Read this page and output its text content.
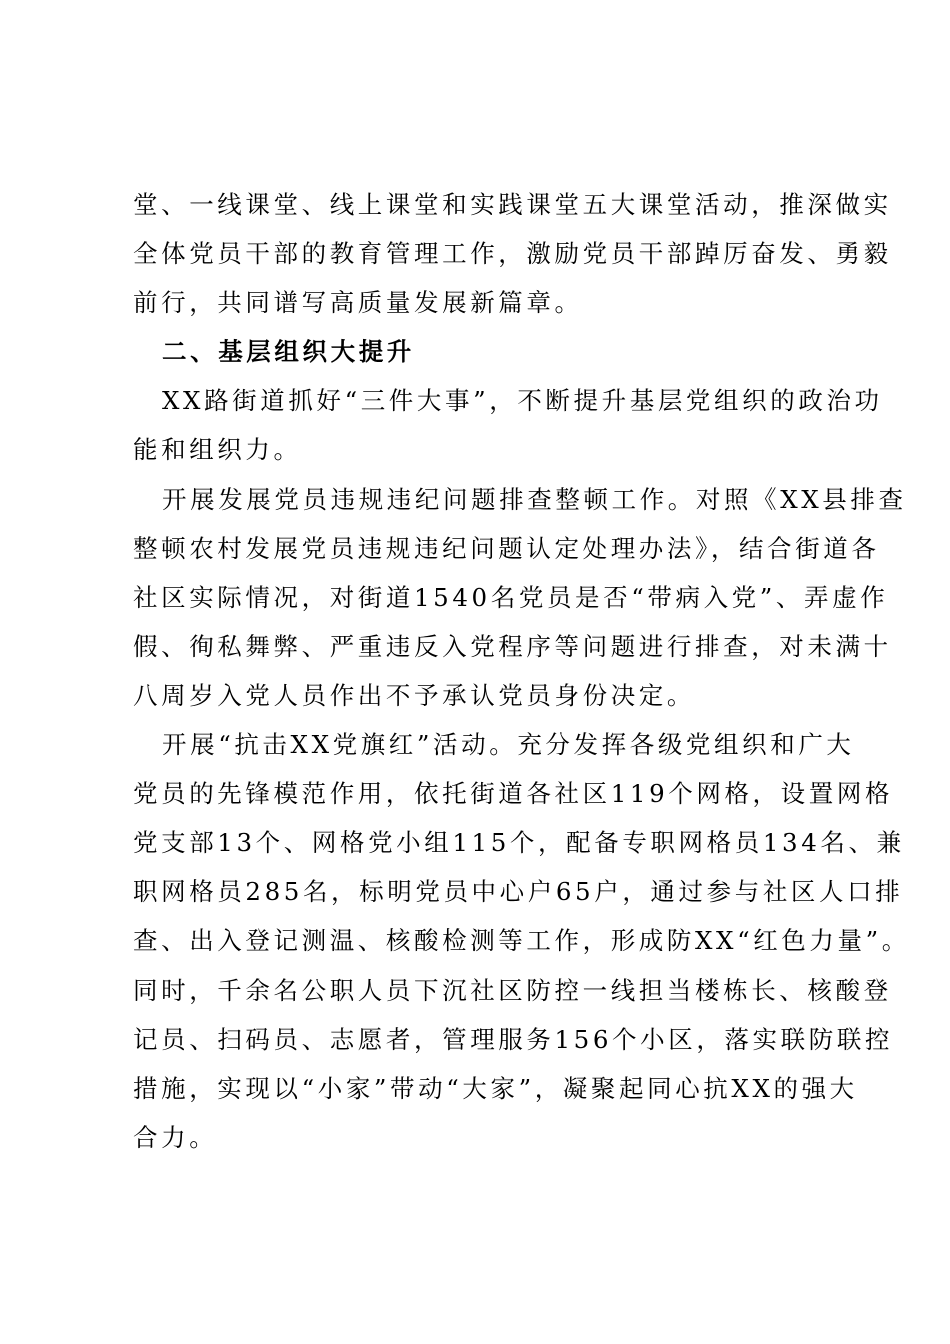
堂、一线课堂、线上课堂和实践课堂五大课堂活动，推深做实
全体党员干部的教育管理工作，激励党员干部踔厉奋发、勇毅
前行，共同谱写高质量发展新篇章。
二、基层组织大提升
XX路街道抓好“三件大事”，不断提升基层党组织的政治功
能和组织力。
开展发展党员违规违纪问题排查整顿工作。对照《XX县排查
整顿农村发展党员违规违纪问题认定处理办法》，结合街道各
社区实际情况，对街道1540名党员是否“带病入党”、弄虚作
假、徇私舞弊、严重违反入党程序等问题进行排查，对未满十
八周岁入党人员作出不予承认党员身份决定。
开展“抗击XX党旗红”活动。充分发挥各级党组织和广大
党员的先锋模范作用，依托街道各社区119个网格，设置网格
党支部13个、网格党小组115个，配备专职网格员134名、兼
职网格员285名，标明党员中心户65户，通过参与社区人口排
查、出入登记测温、核酸检测等工作，形成防XX“红色力量”。
同时，千余名公职人员下沉社区防控一线担当楼栋长、核酸登
记员、扫码员、志愿者，管理服务156个小区，落实联防联控
措施，实现以“小家”带动“大家”，凝聚起同心抗XX的强大
合力。
